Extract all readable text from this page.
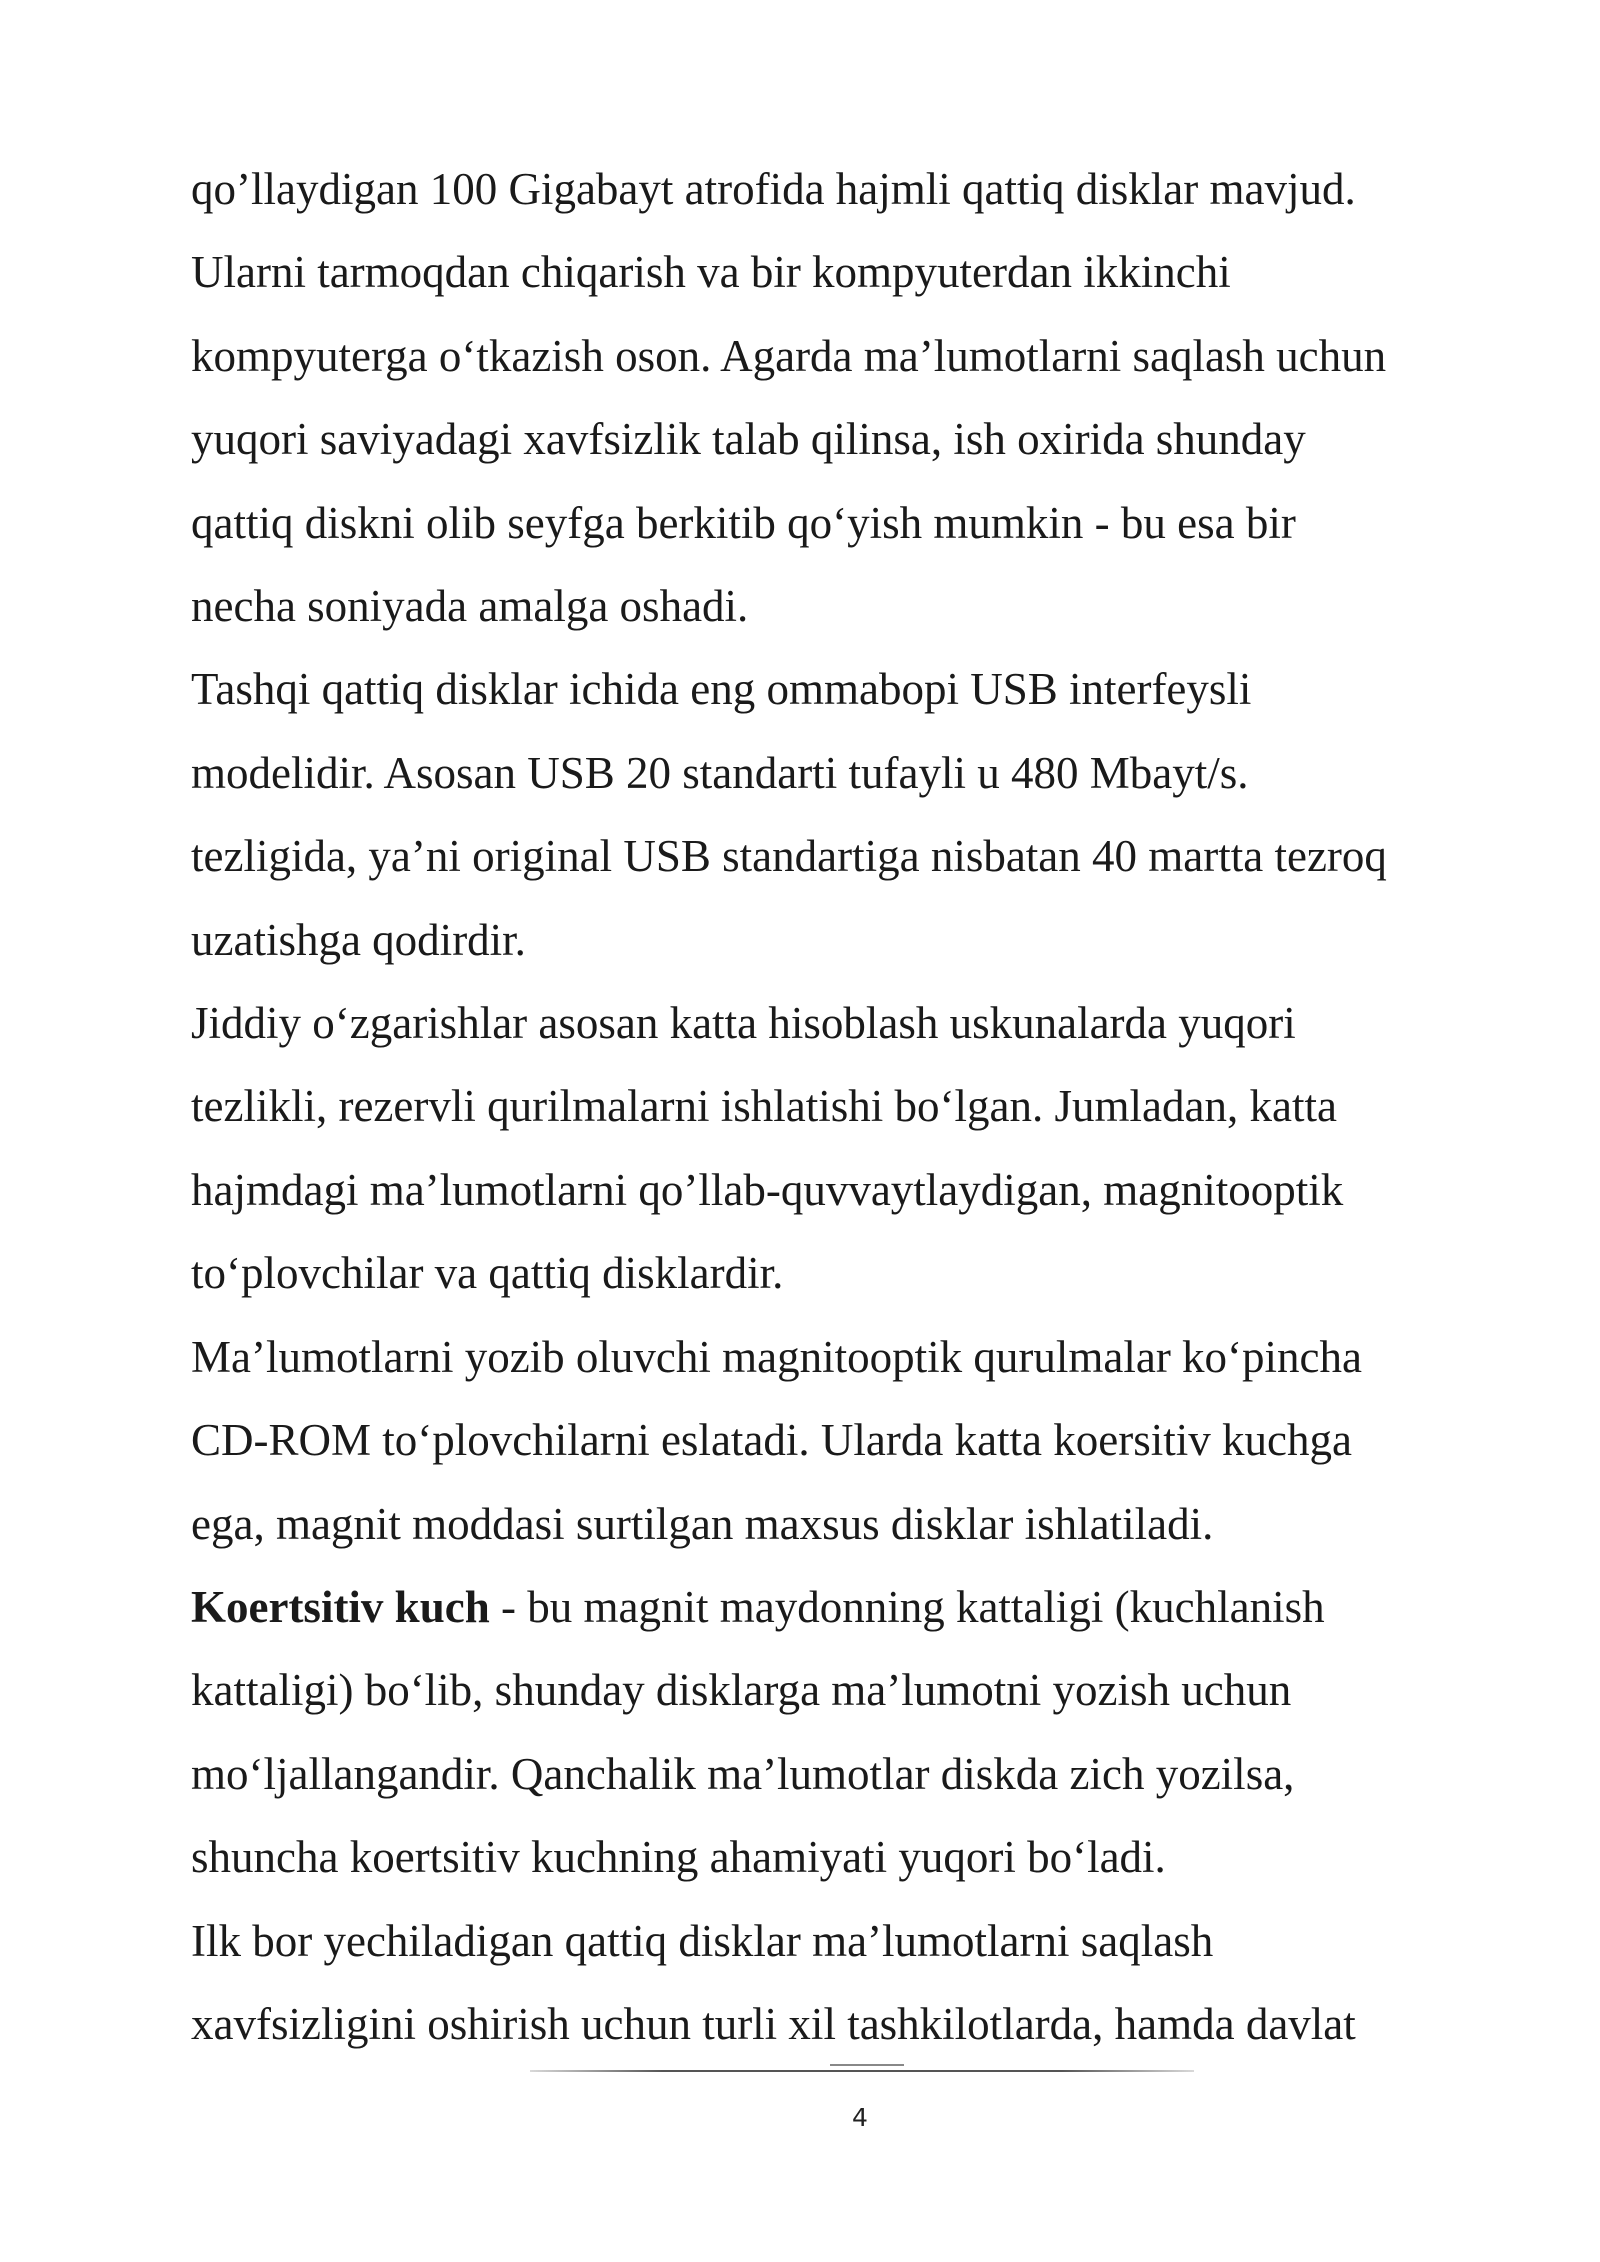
qo’llaydigan 100 Gigabayt atrofida hajmli qattiq disklar mavjud.
Ularni tarmoqdan chiqarish va bir kompyuterdan ikkinchi
kompyuterga o‘tkazish oson. Agarda ma’lumotlarni saqlash uchun
yuqori saviyadagi xavfsizlik talab qilinsa, ish oxirida shunday
qattiq diskni olib seyfga berkitib qo‘yish mumkin - bu esa bir
necha soniyada amalga oshadi.
Tashqi qattiq disklar ichida eng ommabopi USB interfeysli
modelidir. Asosan USB 20 standarti tufayli u 480 Mbayt/s.
tezligida, ya’ni original USB standartiga nisbatan 40 martta tezroq
uzatishga qodirdir.
Jiddiy o‘zgarishlar asosan katta hisoblash uskunalarda yuqori
tezlikli, rezervli qurilmalarni ishlatishi bo‘lgan. Jumladan, katta
hajmdagi ma’lumotlarni qo’llab-quvvaytlaydigan, magnitooptik
to‘plovchilar va qattiq disklardir.
Ma’lumotlarni yozib oluvchi magnitooptik qurulmalar ko‘pincha
CD-ROM to‘plovchilarni eslatadi. Ularda katta koersitiv kuchga
ega, magnit moddasi surtilgan maxsus disklar ishlatiladi.
Koertsitiv kuch - bu magnit maydonning kattaligi (kuchlanish
kattaligi) bo‘lib, shunday disklarga ma’lumotni yozish uchun
mo‘ljallangandir. Qanchalik ma’lumotlar diskda zich yozilsa,
shuncha koertsitiv kuchning ahamiyati yuqori bo‘ladi.
Ilk bor yechiladigan qattiq disklar ma’lumotlarni saqlash
xavfsizligini oshirish uchun turli xil tashkilotlarda, hamda davlat
4
